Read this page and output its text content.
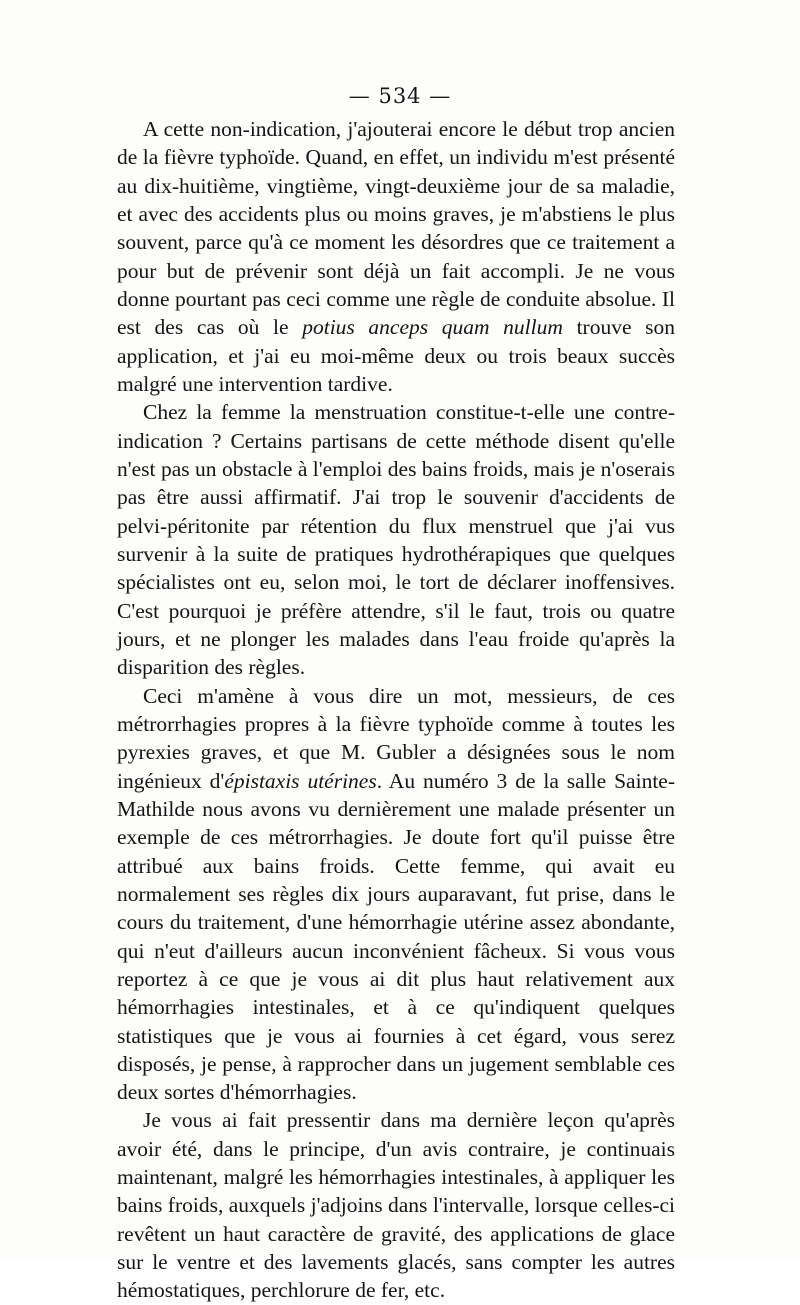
— 534 —

A cette non-indication, j'ajouterai encore le début trop ancien de la fièvre typhoïde. Quand, en effet, un individu m'est présenté au dix-huitième, vingtième, vingt-deuxième jour de sa maladie, et avec des accidents plus ou moins graves, je m'abstiens le plus souvent, parce qu'à ce moment les désordres que ce traitement a pour but de prévenir sont déjà un fait accompli. Je ne vous donne pourtant pas ceci comme une règle de conduite absolue. Il est des cas où le potius anceps quam nullum trouve son application, et j'ai eu moi-même deux ou trois beaux succès malgré une intervention tardive.

Chez la femme la menstruation constitue-t-elle une contre-indication ? Certains partisans de cette méthode disent qu'elle n'est pas un obstacle à l'emploi des bains froids, mais je n'oserais pas être aussi affirmatif. J'ai trop le souvenir d'accidents de pelvi-péritonite par rétention du flux menstruel que j'ai vus survenir à la suite de pratiques hydrothérapiques que quelques spécialistes ont eu, selon moi, le tort de déclarer inoffensives. C'est pourquoi je préfère attendre, s'il le faut, trois ou quatre jours, et ne plonger les malades dans l'eau froide qu'après la disparition des règles.

Ceci m'amène à vous dire un mot, messieurs, de ces métrorrhagies propres à la fièvre typhoïde comme à toutes les pyrexies graves, et que M. Gubler a désignées sous le nom ingénieux d'épistaxis utérines. Au numéro 3 de la salle Sainte-Mathilde nous avons vu dernièrement une malade présenter un exemple de ces métrorrhagies. Je doute fort qu'il puisse être attribué aux bains froids. Cette femme, qui avait eu normalement ses règles dix jours auparavant, fut prise, dans le cours du traitement, d'une hémorrhagie utérine assez abondante, qui n'eut d'ailleurs aucun inconvénient fâcheux. Si vous vous reportez à ce que je vous ai dit plus haut relativement aux hémorrhagies intestinales, et à ce qu'indiquent quelques statistiques que je vous ai fournies à cet égard, vous serez disposés, je pense, à rapprocher dans un jugement semblable ces deux sortes d'hémorrhagies.

Je vous ai fait pressentir dans ma dernière leçon qu'après avoir été, dans le principe, d'un avis contraire, je continuais maintenant, malgré les hémorrhagies intestinales, à appliquer les bains froids, auxquels j'adjoins dans l'intervalle, lorsque celles-ci revêtent un haut caractère de gravité, des applications de glace sur le ventre et des lavements glacés, sans compter les autres hémostatiques, perchlorure de fer, etc.
